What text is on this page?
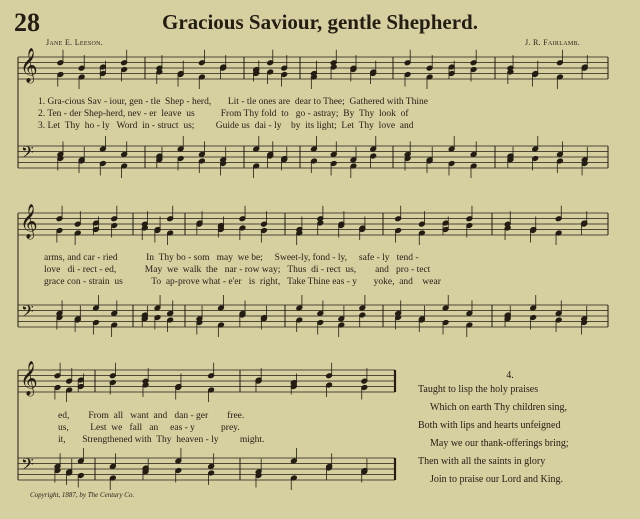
28	Gracious Saviour, gentle Shepherd.
Jane E. Leeson.	J. R. Fairlamb.
𝄞
𝄢
𝄞
𝄢
𝄞
𝄢
1. Gra-cious Sav - iour, gen - tle  Shep - herd,       Lit - tle ones are  dear to Thee;  Gathered with Thine
2. Ten - der Shep-herd, nev - er  leave  us           From Thy fold  to   go - astray;  By  Thy  look  of
3. Let  Thy  ho - ly   Word  in - struct  us;         Guide us  dai - ly    by  its light;  Let  Thy  love  and
arms, and car - ried            In  Thy bo - som   may  we be;     Sweet-ly, fond - ly,     safe - ly   tend -
love   di - rect - ed,            May  we  walk  the   nar - row way;   Thus  di - rect  us,        and   pro - tect
grace con - strain  us            To  ap-prove what - e'er   is  right,   Take Thine eas - y       yoke,  and    wear
ed,        From  all   want  and   dan - ger        free.
us,         Lest  we   fall   an     eas - y           prey.
it,       Strengthened with  Thy  heaven - ly         might.
4.
Taught to lisp the holy praises
Which on earth Thy children sing,
Both with lips and hearts unfeigned
May we our thank-offerings bring;
Then with all the saints in glory
Join to praise our Lord and King.
Copyright, 1887, by The Century Co.
